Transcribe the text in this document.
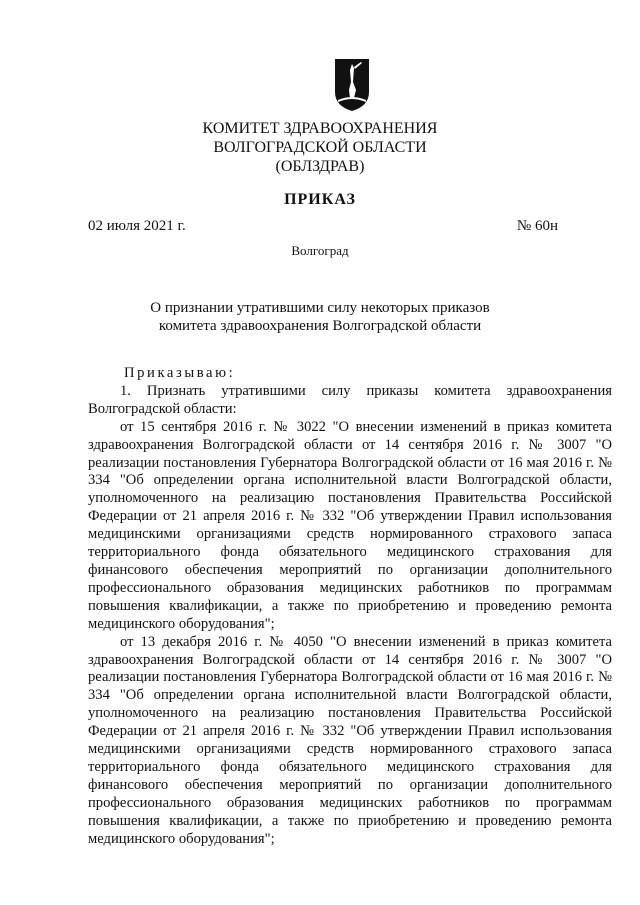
КОМИТЕТ ЗДРАВООХРАНЕНИЯ
ВОЛГОГРАДСКОЙ ОБЛАСТИ
(ОБЛЗДРАВ)
ПРИКАЗ
02 июля 2021 г.	№ 60н
Волгоград
О признании утратившими силу некоторых приказов
комитета здравоохранения Волгоградской области

Приказываю:

1. Признать утратившими силу приказы комитета здравоохранения Волгоградской области:

от 15 сентября 2016 г. № 3022 "О внесении изменений в приказ комитета здравоохранения Волгоградской области от 14 сентября 2016 г. № 3007 "О реализации постановления Губернатора Волгоградской области от 16 мая 2016 г. № 334 "Об определении органа исполнительной власти Волгоградской области, уполномоченного на реализацию постановления Правительства Российской Федерации от 21 апреля 2016 г. № 332 "Об утверждении Правил использования медицинскими организациями средств нормированного страхового запаса территориального фонда обязательного медицинского страхования для финансового обеспечения мероприятий по организации дополнительного профессионального образования медицинских работников по программам повышения квалификации, а также по приобретению и проведению ремонта медицинского оборудования";

от 13 декабря 2016 г. № 4050 "О внесении изменений в приказ комитета здравоохранения Волгоградской области от 14 сентября 2016 г. № 3007 "О реализации постановления Губернатора Волгоградской области от 16 мая 2016 г. № 334 "Об определении органа исполнительной власти Волгоградской области, уполномоченного на реализацию постановления Правительства Российской Федерации от 21 апреля 2016 г. № 332 "Об утверждении Правил использования медицинскими организациями средств нормированного страхового запаса территориального фонда обязательного медицинского страхования для финансового обеспечения мероприятий по организации дополнительного профессионального образования медицинских работников по программам повышения квалификации, а также по приобретению и проведению ремонта медицинского оборудования";
